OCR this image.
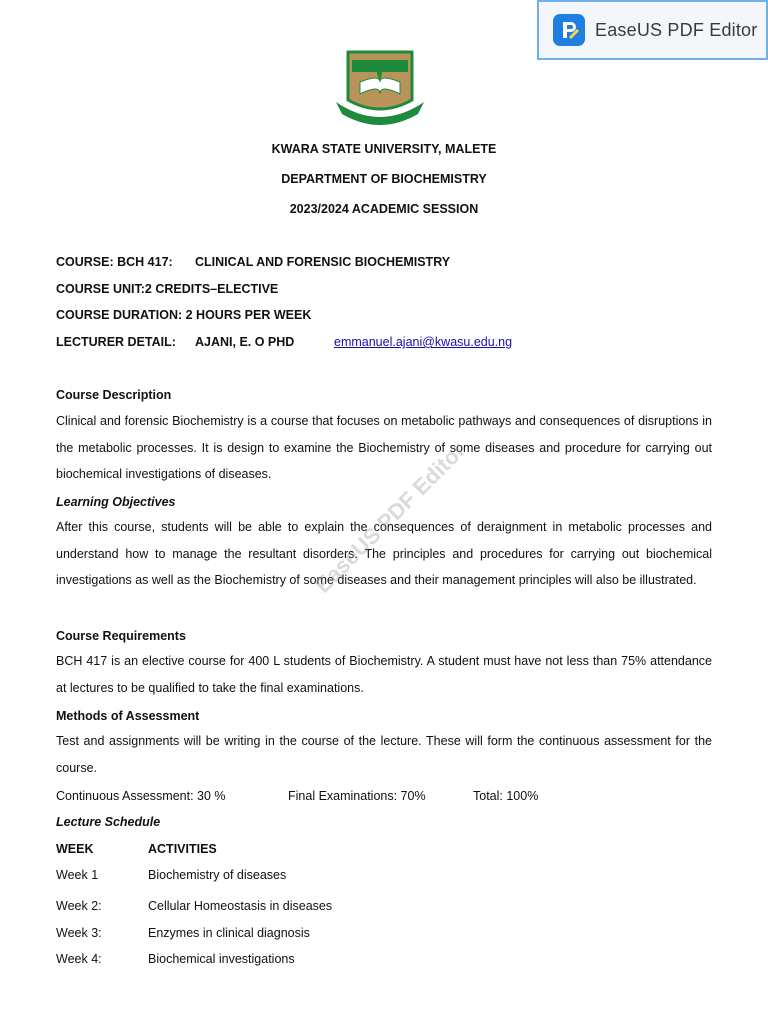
EaseUS PDF Editor
KWARA STATE UNIVERSITY, MALETE
DEPARTMENT OF BIOCHEMISTRY
2023/2024 ACADEMIC SESSION
COURSE: BCH 417: CLINICAL AND FORENSIC BIOCHEMISTRY
COURSE UNIT:2 CREDITS–ELECTIVE
COURSE DURATION: 2 HOURS PER WEEK
LECTURER DETAIL: AJANI, E. O PHD	emmanuel.ajani@kwasu.edu.ng
Course Description
Clinical and forensic Biochemistry is a course that focuses on metabolic pathways and consequences of disruptions in the metabolic processes. It is design to examine the Biochemistry of some diseases and procedure for carrying out biochemical investigations of diseases.
Learning Objectives
After this course, students will be able to explain the consequences of deraignment in metabolic processes and understand how to manage the resultant disorders. The principles and procedures for carrying out biochemical investigations as well as the Biochemistry of some diseases and their management principles will also be illustrated.
Course Requirements
BCH 417 is an elective course for 400 L students of Biochemistry. A student must have not less than 75% attendance at lectures to be qualified to take the final examinations.
Methods of Assessment
Test and assignments will be writing in the course of the lecture. These will form the continuous assessment for the course.
Continuous Assessment: 30 %	Final Examinations: 70%	Total: 100%
Lecture Schedule
WEEK	ACTIVITIES
Week 1	Biochemistry of diseases
Week 2:	Cellular Homeostasis in diseases
Week 3:	Enzymes in clinical diagnosis
Week 4:	Biochemical investigations
EaseUS PDF Editor
